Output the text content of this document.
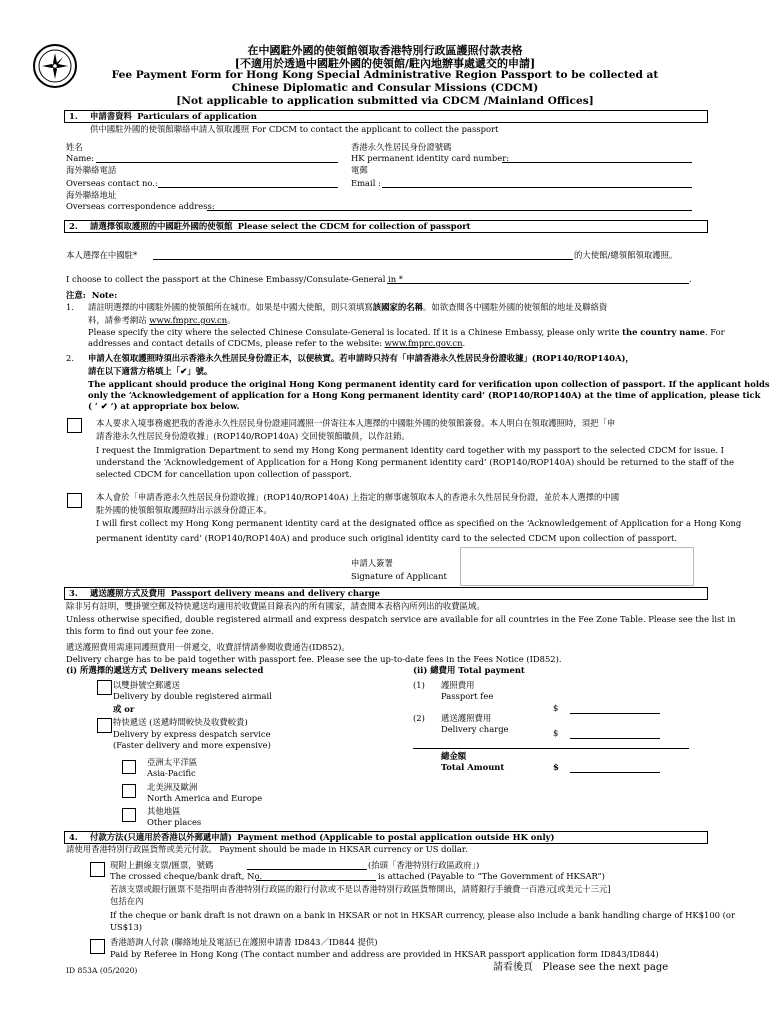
在中國駐外國的使領館領取香港特別行政區護照付款表格
[不適用於透過中國駐外國的使領館/駐內地辦事處遞交的申請]
Fee Payment Form for Hong Kong Special Administrative Region Passport to be collected at
Chinese Diplomatic and Consular Missions (CDCM)
[Not applicable to application submitted via CDCM /Mainland Offices]
1. 申請書資料 Particulars of application
供中國駐外國的使領館聯絡申請人領取護照 For CDCM to contact the applicant to collect the passport
姓名
Name:
香港永久性居民身份證號碼
HK permanent identity card number:
海外聯絡電話
Overseas contact no.:
電郵
Email :
海外聯絡地址
Overseas correspondence address:
2. 請選擇領取護照的中國駐外國的使領館 Please select the CDCM for collection of passport
本人選擇在中國駐*	的大使館/總領館領取護照。
I choose to collect the passport at the Chinese Embassy/Consulate-General in *	.
注意: Note:
1. 請註明選擇的中國駐外國的使領館所在城市。如果是中國大使館，則只須填寫該國家的名稱。如欲查閱各中國駐外國的使領館的地址及聯絡資
料，請參考網站 www.fmprc.gov.cn。
Please specify the city where the selected Chinese Consulate-General is located. If it is a Chinese Embassy, please only write the country name. For
addresses and contact details of CDCMs, please refer to the website: www.fmprc.gov.cn.
2. 申請人在領取護照時須出示香港永久性居民身份證正本，以便核實。若申請時只持有「申請香港永久性居民身份證收據」(ROP140/ROP140A)，
請在以下適當方格填上「✔」號。
The applicant should produce the original Hong Kong permanent identity card for verification upon collection of passport. If the applicant holds
only the ‘Acknowledgement of application for a Hong Kong permanent identity card’ (ROP140/ROP140A) at the time of application, please tick
( ‘ ✔ ’) at appropriate box below.
本人要求入境事務處把我的香港永久性居民身份證連同護照一併寄往本人選擇的中國駐外國的使領館簽發。本人明白在領取護照時，須把「申
請香港永久性居民身份證收據」(ROP140/ROP140A) 交回使領館職員，以作註銷。
I request the Immigration Department to send my Hong Kong permanent identity card together with my passport to the selected CDCM for issue. I
understand the ‘Acknowledgement of Application for a Hong Kong permanent identity card’ (ROP140/ROP140A) should be returned to the staff of the
selected CDCM for cancellation upon collection of passport.
本人會於「申請香港永久性居民身份證收據」(ROP140/ROP140A) 上指定的辦事處領取本人的香港永久性居民身份證，並於本人選擇的中國
駐外國的使領館領取護照時出示該身份證正本。
I will first collect my Hong Kong permanent identity card at the designated office as specified on the ‘Acknowledgement of Application for a Hong Kong
permanent identity card’ (ROP140/ROP140A) and produce such original identity card to the selected CDCM upon collection of passport.
申請人簽署
Signature of Applicant
3. 遞送護照方式及費用 Passport delivery means and delivery charge
除非另有註明，雙掛號空郵及特快遞送均適用於收費區目錄表內的所有國家，請查閱本表格內所列出的收費區域。
Unless otherwise specified, double registered airmail and express despatch service are available for all countries in the Fee Zone Table. Please see the list in
this form to find out your fee zone.
遞送護照費用需連同護照費用一併遞交，收費詳情請參閱收費通告(ID852)。
Delivery charge has to be paid together with passport fee. Please see the up-to-date fees in the Fees Notice (ID852).
(i) 所選擇的遞送方式 Delivery means selected
以雙掛號空郵遞送
Delivery by double registered airmail
或 or
特快遞送 (送遞時間較快及收費較貴)
Delivery by express despatch service
(Faster delivery and more expensive)
亞洲太平洋區
Asia-Pacific
北美洲及歐洲
North America and Europe
其他地區
Other places
(ii) 總費用 Total payment
(1) 護照費用
Passport fee
$
(2) 遞送護照費用
Delivery charge	$
總金額
Total Amount	$
4. 付款方法(只適用於香港以外郵遞申請) Payment method (Applicable to postal application outside HK only)
請使用香港特別行政區貨幣或美元付款。 Payment should be made in HKSAR currency or US dollar.
現附上劃線支票/匯票，號碼	(抬頭「香港特別行政區政府」)
The crossed cheque/bank draft, No.	is attached (Payable to “The Government of HKSAR”)
若該支票或銀行匯票不是指明由香港特別行政區的銀行付款或不是以香港特別行政區貨幣開出，請將銀行手續費一百港元[或美元十三元]
包括在內
If the cheque or bank draft is not drawn on a bank in HKSAR or not in HKSAR currency, please also include a bank handling charge of HK$100 (or
US$13)
香港諮詢人付款 (聯絡地址及電話已在護照申請書 ID843／ID844 提供)
Paid by Referee in Hong Kong (The contact number and address are provided in HKSAR passport application form ID843/ID844)
ID 853A (05/2020)	請看後頁 Please see the next page
